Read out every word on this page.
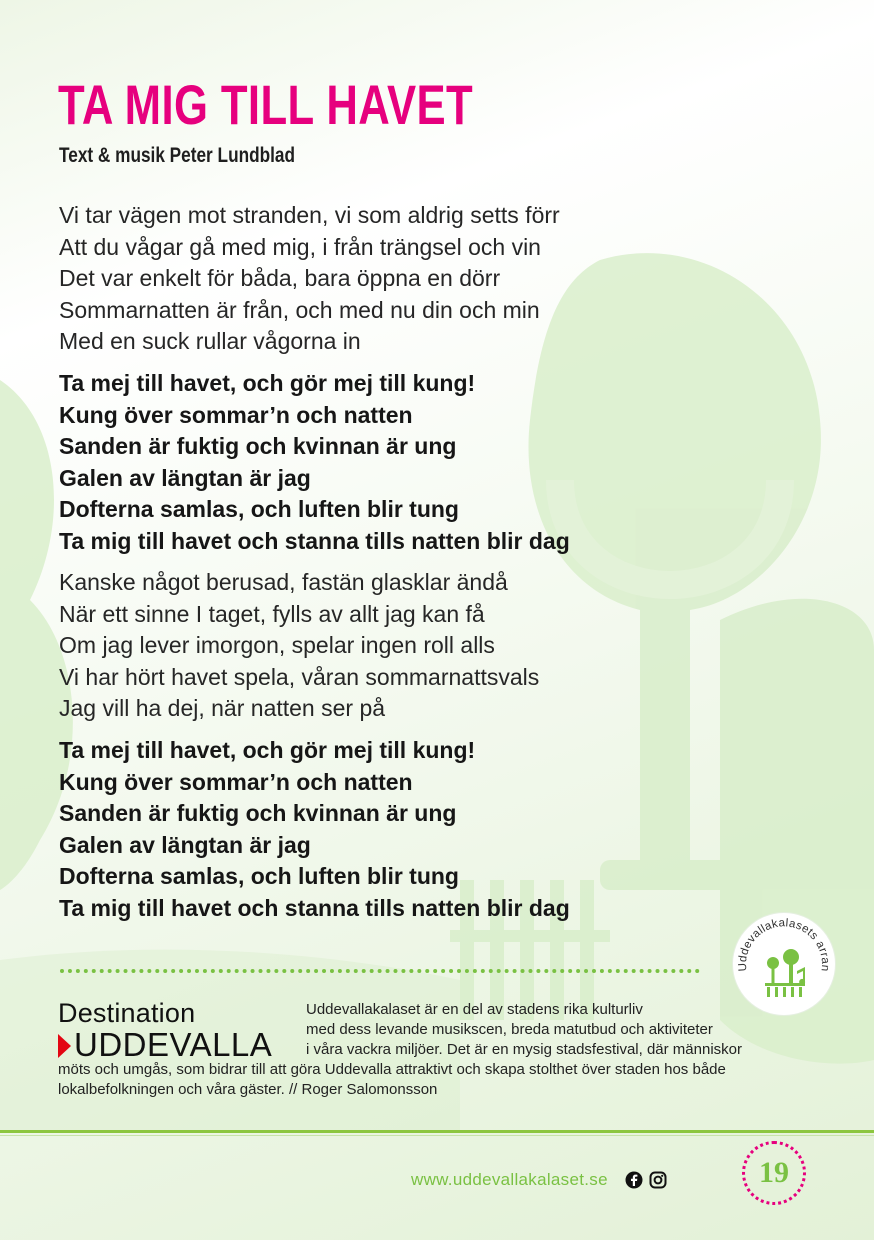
TA MIG TILL HAVET
Text & musik Peter Lundblad
Vi tar vägen mot stranden, vi som aldrig setts förr
Att du vågar gå med mig, i från trängsel och vin
Det var enkelt för båda, bara öppna en dörr
Sommarnatten är från, och med nu din och min
Med en suck rullar vågorna in
Ta mej till havet, och gör mej till kung!
Kung över sommar’n och natten
Sanden är fuktig och kvinnan är ung
Galen av längtan är jag
Dofterna samlas, och luften blir tung
Ta mig till havet och stanna tills natten blir dag
Kanske något berusad, fastän glasklar ändå
När ett sinne I taget, fylls av allt jag kan få
Om jag lever imorgon, spelar ingen roll alls
Vi har hört havet spela, våran sommarnattsvals
Jag vill ha dej, när natten ser på
Ta mej till havet, och gör mej till kung!
Kung över sommar’n och natten
Sanden är fuktig och kvinnan är ung
Galen av längtan är jag
Dofterna samlas, och luften blir tung
Ta mig till havet och stanna tills natten blir dag
Uddevallakalasets arran
Destination
UDDEVALLA
Uddevallakalaset är en del av stadens rika kulturliv
med dess levande musikscen, breda matutbud och aktiviteter
i våra vackra miljöer. Det är en mysig stadsfestival, där människor
möts och umgås, som bidrar till att göra Uddevalla attraktivt och skapa stolthet över staden hos både
lokalbefolkningen och våra gäster. // Roger Salomonsson
www.uddevallakalaset.se	19
